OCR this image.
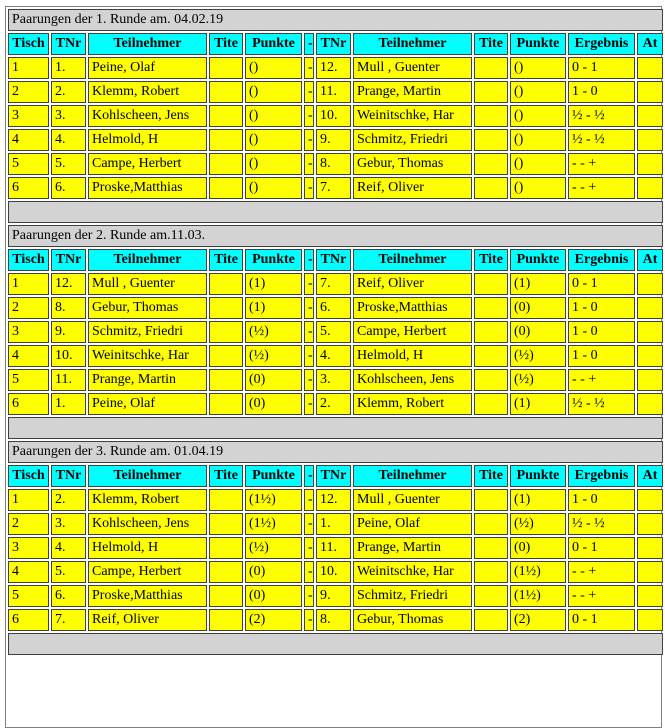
Paarungen der 1. Runde am. 04.02.19											
Tisch	TNr	Teilnehmer	Tite	Punkte	-	TNr	Teilnehmer	Tite	Punkte	Ergebnis	At
1	1.	Peine, Olaf		()	-	12.	Mull , Guenter		()	0 - 1	
2	2.	Klemm, Robert		()	-	11.	Prange, Martin		()	1 - 0	
3	3.	Kohlscheen, Jens		()	-	10.	Weinitschke, Har		()	½ - ½	
4	4.	Helmold, H		()	-	9.	Schmitz, Friedri		()	½ - ½	
5	5.	Campe, Herbert		()	-	8.	Gebur, Thomas		()	- - +	
6	6.	Proske,Matthias		()	-	7.	Reif, Oliver		()	- - +	

Paarungen der 2. Runde am.11.03.											
Tisch	TNr	Teilnehmer	Tite	Punkte	-	TNr	Teilnehmer	Tite	Punkte	Ergebnis	At
1	12.	Mull , Guenter		(1)	-	7.	Reif, Oliver		(1)	0 - 1	
2	8.	Gebur, Thomas		(1)	-	6.	Proske,Matthias		(0)	1 - 0	
3	9.	Schmitz, Friedri		(½)	-	5.	Campe, Herbert		(0)	1 - 0	
4	10.	Weinitschke, Har		(½)	-	4.	Helmold, H		(½)	1 - 0	
5	11.	Prange, Martin		(0)	-	3.	Kohlscheen, Jens		(½)	- - +	
6	1.	Peine, Olaf		(0)	-	2.	Klemm, Robert		(1)	½ - ½	

Paarungen der 3. Runde am. 01.04.19											
Tisch	TNr	Teilnehmer	Tite	Punkte	-	TNr	Teilnehmer	Tite	Punkte	Ergebnis	At
1	2.	Klemm, Robert		(1½)	-	12.	Mull , Guenter		(1)	1 - 0	
2	3.	Kohlscheen, Jens		(1½)	-	1.	Peine, Olaf		(½)	½ - ½	
3	4.	Helmold, H		(½)	-	11.	Prange, Martin		(0)	0 - 1	
4	5.	Campe, Herbert		(0)	-	10.	Weinitschke, Har		(1½)	- - +	
5	6.	Proske,Matthias		(0)	-	9.	Schmitz, Friedri		(1½)	- - +	
6	7.	Reif, Oliver		(2)	-	8.	Gebur, Thomas		(2)	0 - 1	
